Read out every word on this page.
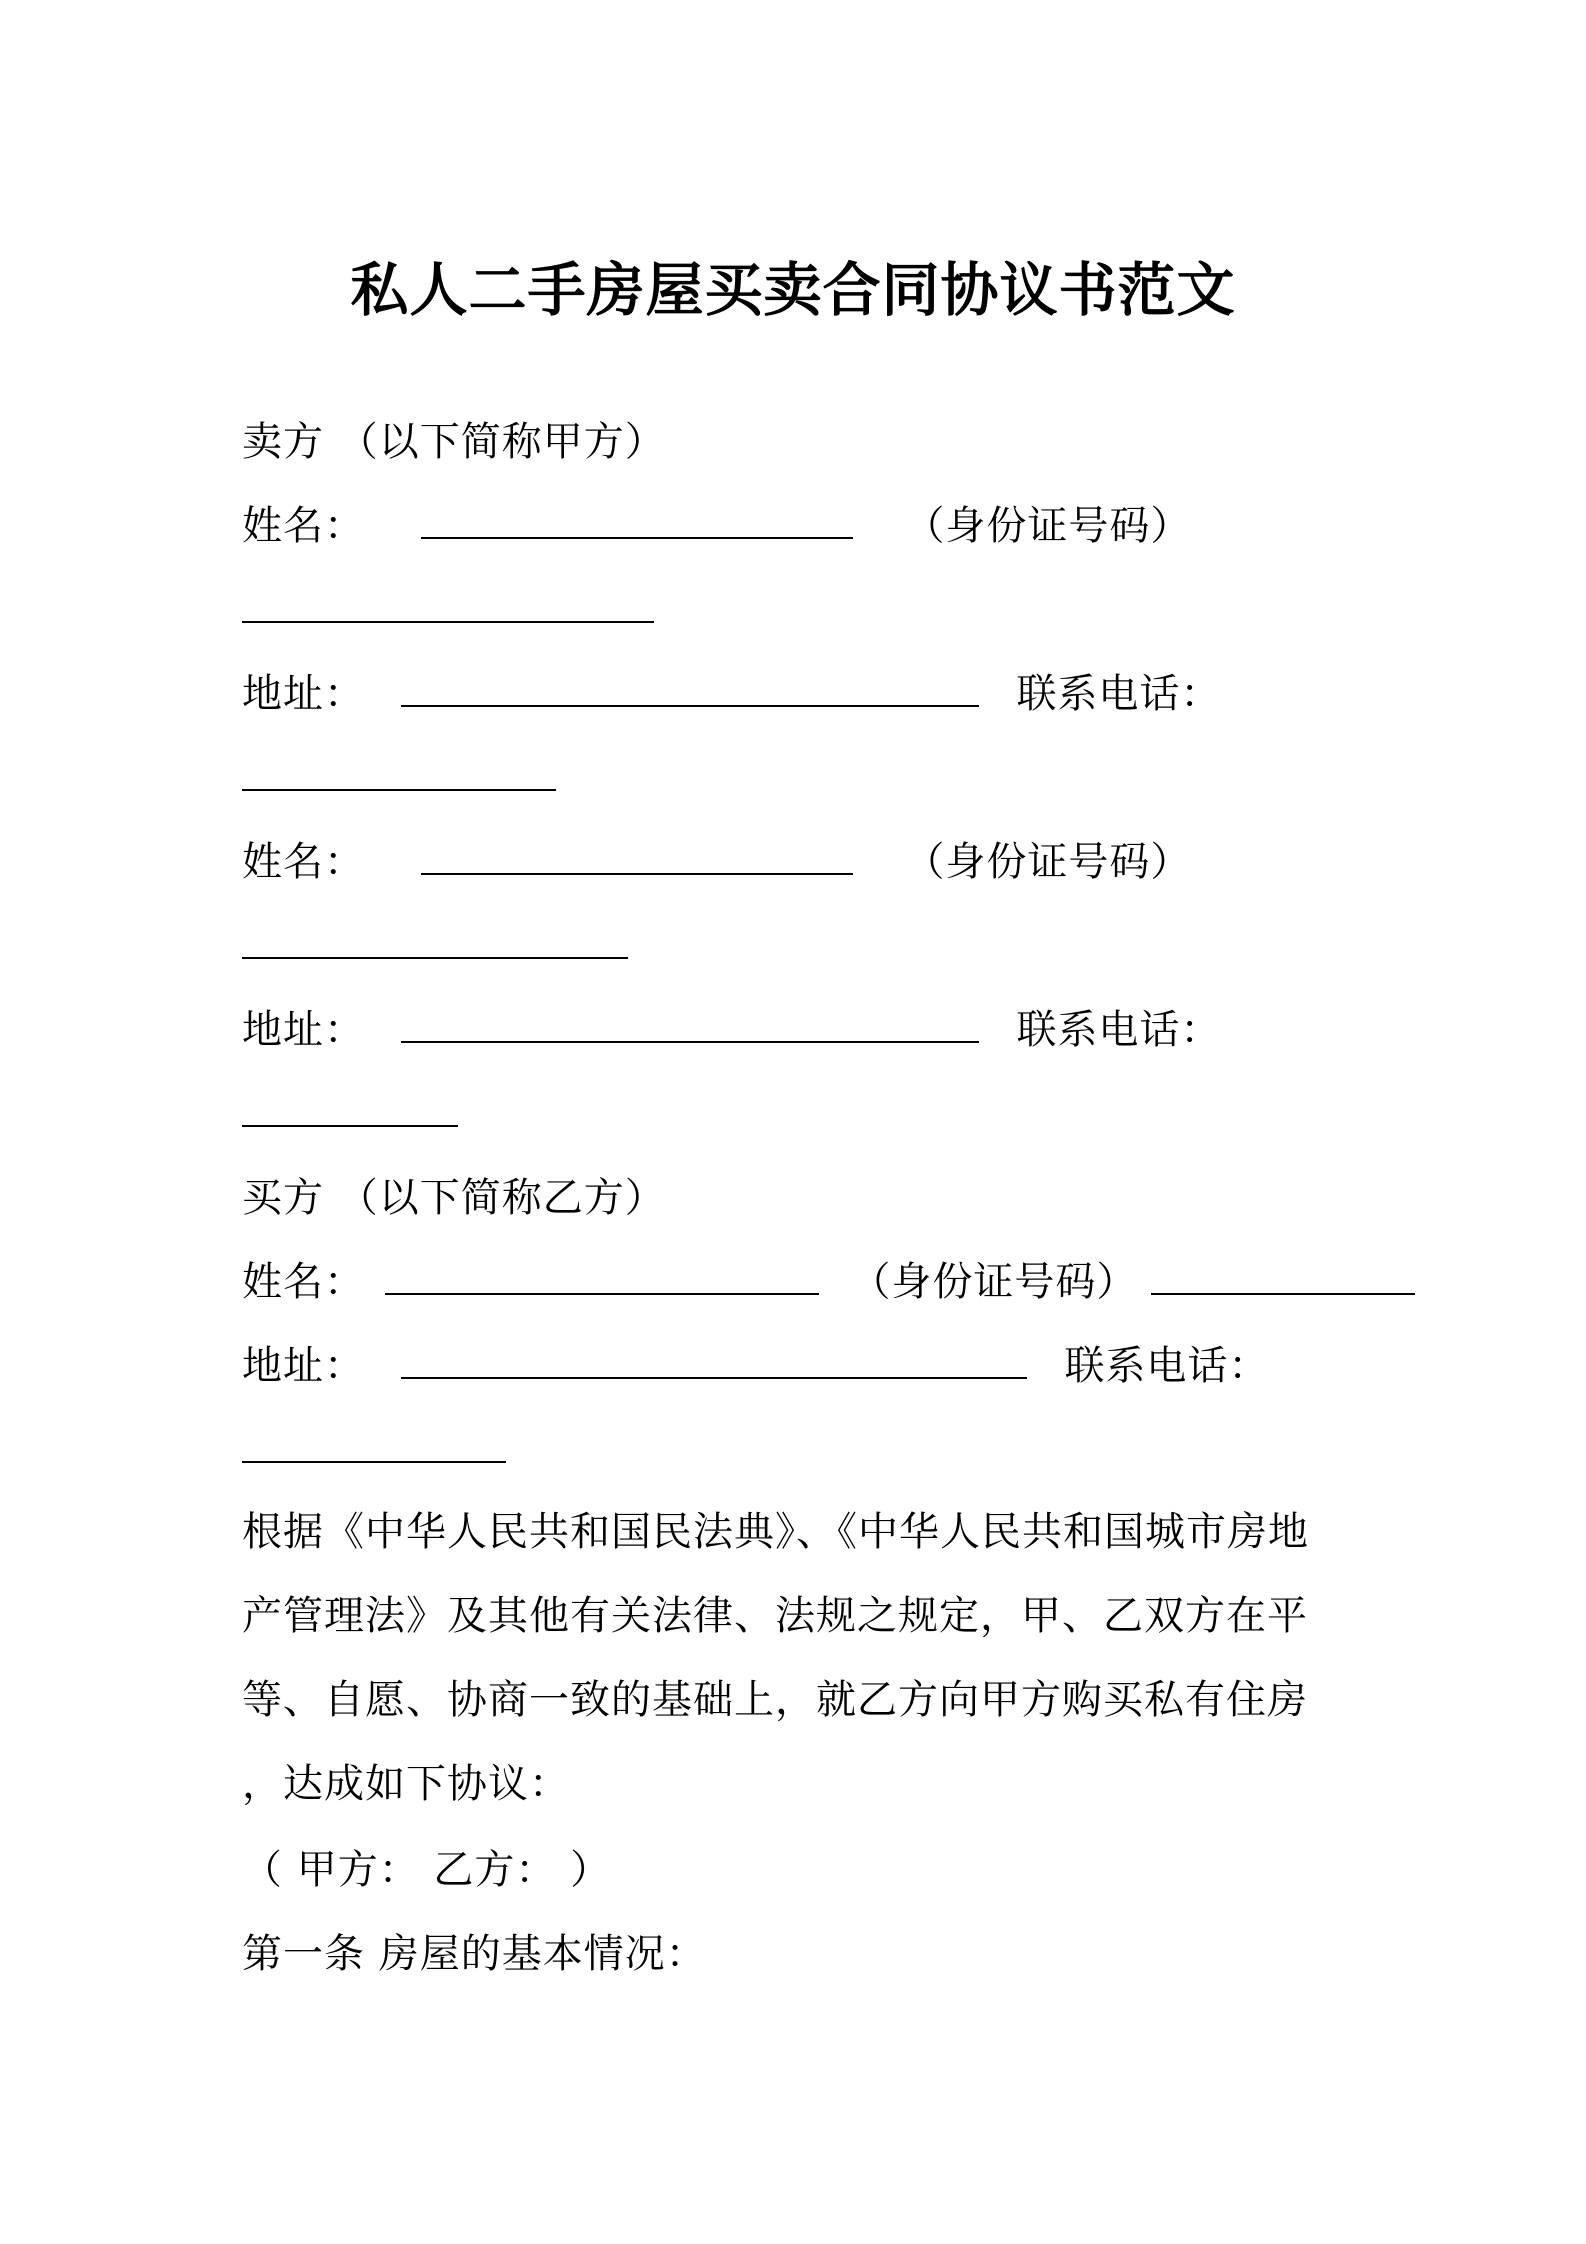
私人二手房屋买卖合同协议书范文
卖方 （以下简称甲方）
姓名：	（身份证号码）
地址：	联系电话：
姓名：	（身份证号码）
地址：	联系电话：
买方 （以下简称乙方）
姓名：	（身份证号码）
地址：	联系电话：
根据《中华人民共和国民法典》、《中华人民共和国城市房地
产管理法》及其他有关法律、法规之规定，甲、乙双方在平
等、自愿、协商一致的基础上，就乙方向甲方购买私有住房
，达成如下协议：
（ 甲方： 乙方： ）
第一条 房屋的基本情况：
